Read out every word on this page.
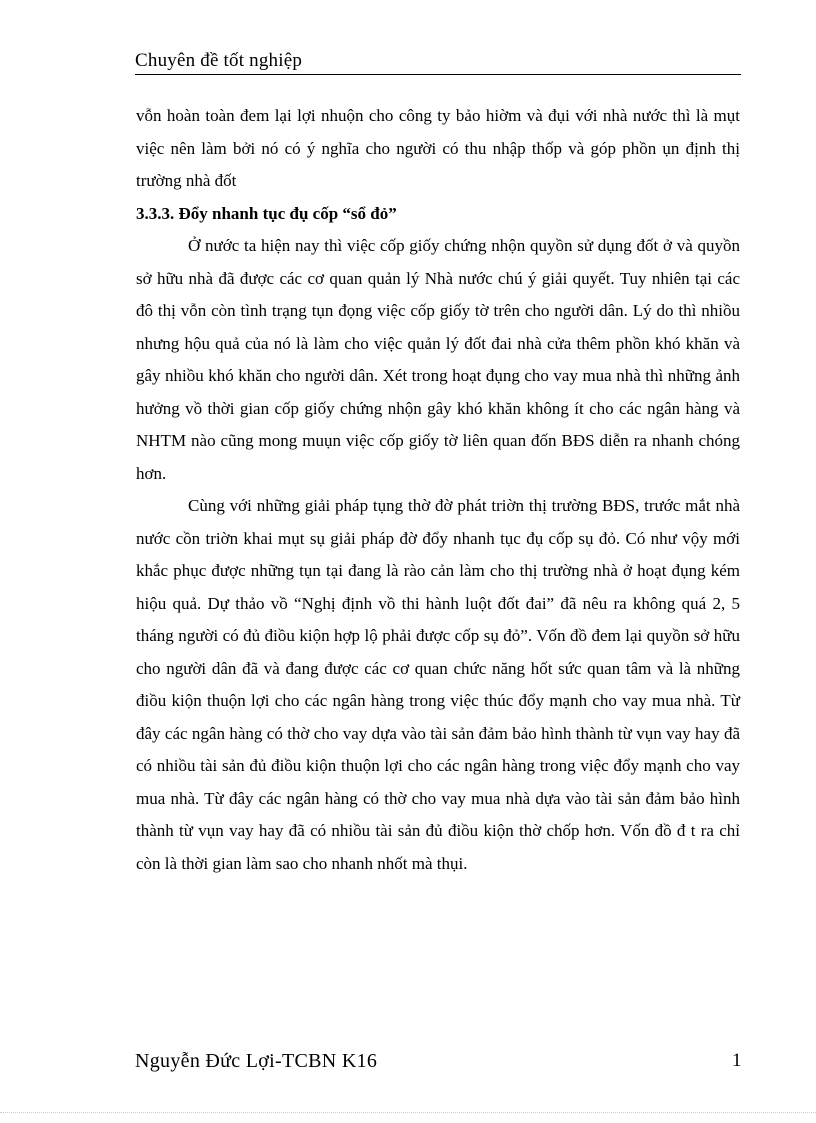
Chuyên đề tốt nghiệp

vỗn hoàn toàn đem lại lợi nhuộn cho công ty bảo hiờm và đụi với nhà nước thì là mụt việc nên làm bởi nó có ý nghĩa cho người có thu nhập thốp và góp phồn ụn định thị trường nhà đốt

3.3.3. Đổy nhanh tục đụ cốp “sổ đỏ”

Ở nước ta hiện nay thì việc cốp giốy chứng nhộn quyồn sử dụng đốt ở và quyồn sở hữu nhà đã được các cơ quan quản lý Nhà nước chú ý giải quyết. Tuy nhiên tại các đô thị vỗn còn tình trạng tụn đọng việc cốp giốy tờ trên cho người dân. Lý do thì nhiồu nhưng hộu quả của nó là làm cho việc quản lý đốt đai nhà cửa thêm phồn khó khăn và gây nhiồu khó khăn cho người dân. Xét trong hoạt đụng cho vay mua nhà thì những ảnh hưởng vồ thời gian cốp giốy chứng nhộn gây khó khăn không ít cho các ngân hàng và NHTM nào cũng mong muụn việc cốp giốy tờ liên quan đốn BĐS diễn ra nhanh chóng hơn.

Cùng với những giải pháp tụng thờ đờ phát triờn thị trường BĐS, trước mắt nhà nước cồn triờn khai mụt sụ giải pháp đờ đổy nhanh tục đụ cốp sụ đỏ. Có như vộy mới khắc phục được những tụn tại đang là rào cản làm cho thị trường nhà ở hoạt đụng kém hiộu quả. Dự thảo vồ “Nghị định vồ thi hành luột đốt đai” đã nêu ra không quá 2, 5 tháng người có đủ điồu kiộn hợp lộ phải được cốp sụ đỏ”. Vốn đồ đem lại quyồn sở hữu cho người dân đã và đang được các cơ quan chức năng hốt sức quan tâm và là những điồu kiộn thuộn lợi cho các ngân hàng trong việc thúc đổy mạnh cho vay mua nhà. Từ đây các ngân hàng có thờ cho vay dựa vào tài sản đảm bảo hình thành từ vụn vay hay đã có nhiồu tài sản đủ điồu kiộn thuộn lợi cho các ngân hàng trong việc đổy mạnh cho vay mua nhà. Từ đây các ngân hàng có thờ cho vay mua nhà dựa vào tài sản đảm bảo hình thành từ vụn vay hay đã có nhiồu tài sản đủ điồu kiộn thờ chốp hơn. Vốn đồ đ t ra chỉ còn là thời gian làm sao cho nhanh nhốt mà thụi.

Nguyễn Đức Lợi-TCBN K16	1
